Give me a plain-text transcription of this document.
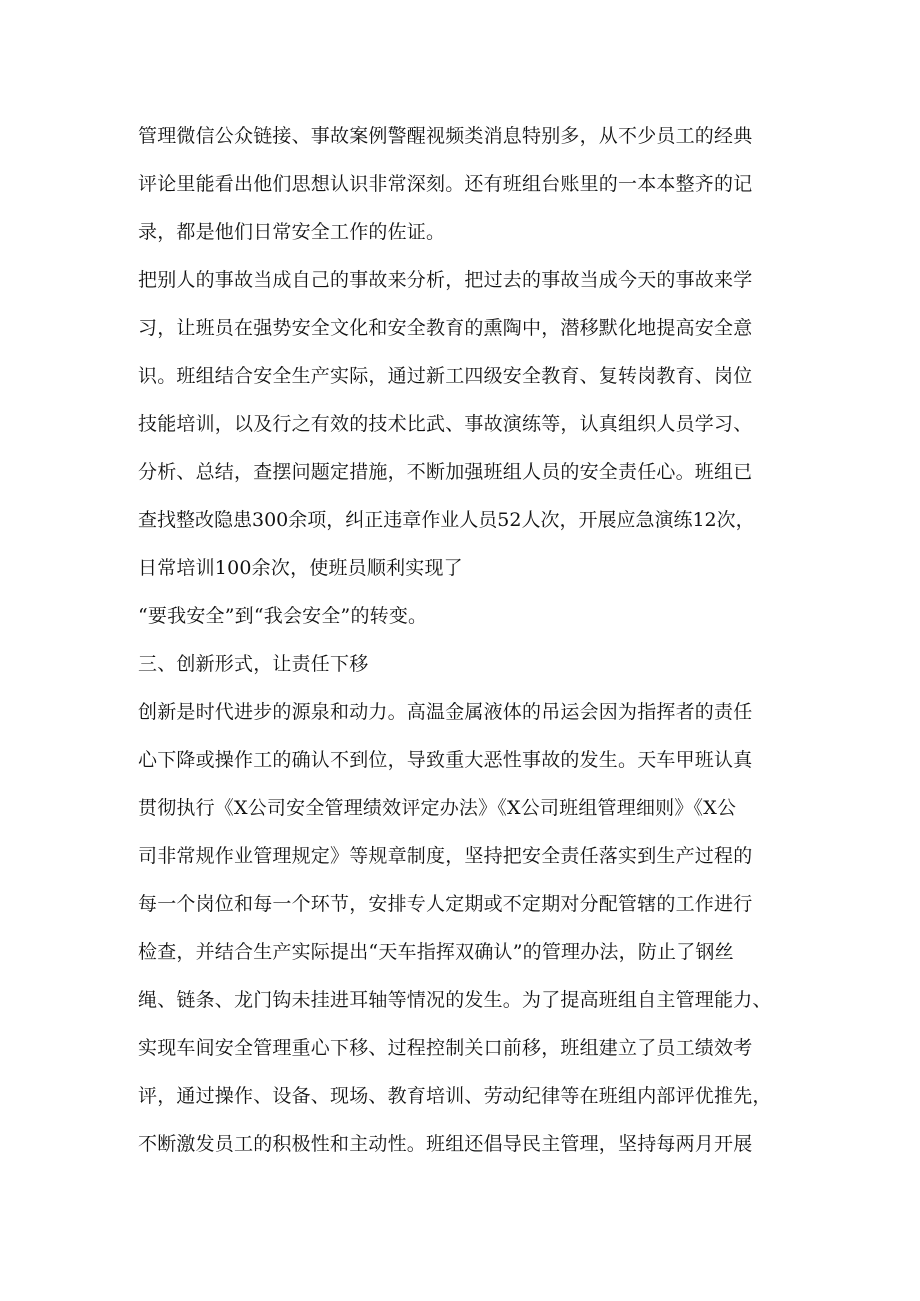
管理微信公众链接、事故案例警醒视频类消息特别多，从不少员工的经典
评论里能看出他们思想认识非常深刻。还有班组台账里的一本本整齐的记
录，都是他们日常安全工作的佐证。
把别人的事故当成自己的事故来分析，把过去的事故当成今天的事故来学
习，让班员在强势安全文化和安全教育的熏陶中，潜移默化地提高安全意
识。班组结合安全生产实际，通过新工四级安全教育、复转岗教育、岗位
技能培训，以及行之有效的技术比武、事故演练等，认真组织人员学习、
分析、总结，查摆问题定措施，不断加强班组人员的安全责任心。班组已
查找整改隐患300余项，纠正违章作业人员52人次，开展应急演练12次，
日常培训100余次，使班员顺利实现了
“要我安全”到“我会安全”的转变。
三、创新形式，让责任下移
创新是时代进步的源泉和动力。高温金属液体的吊运会因为指挥者的责任
心下降或操作工的确认不到位，导致重大恶性事故的发生。天车甲班认真
贯彻执行《X公司安全管理绩效评定办法》《X公司班组管理细则》《X公
司非常规作业管理规定》等规章制度，坚持把安全责任落实到生产过程的
每一个岗位和每一个环节，安排专人定期或不定期对分配管辖的工作进行
检查，并结合生产实际提出“天车指挥双确认”的管理办法，防止了钢丝
绳、链条、龙门钩未挂进耳轴等情况的发生。为了提高班组自主管理能力、
实现车间安全管理重心下移、过程控制关口前移，班组建立了员工绩效考
评，通过操作、设备、现场、教育培训、劳动纪律等在班组内部评优推先，
不断激发员工的积极性和主动性。班组还倡导民主管理，坚持每两月开展
